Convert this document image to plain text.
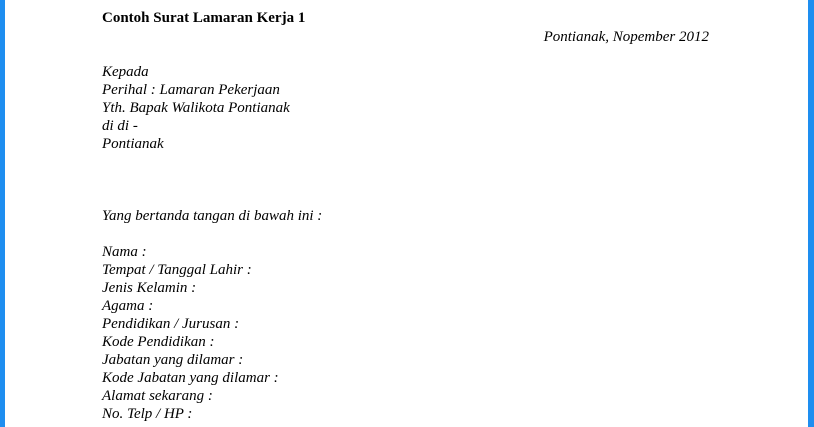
Contoh Surat Lamaran Kerja 1
Pontianak, Nopember 2012
Kepada
Perihal : Lamaran Pekerjaan
Yth. Bapak Walikota Pontianak
di di -
Pontianak
Yang bertanda tangan di bawah ini :
Nama :
Tempat / Tanggal Lahir :
Jenis Kelamin :
Agama :
Pendidikan / Jurusan :
Kode Pendidikan :
Jabatan yang dilamar :
Kode Jabatan yang dilamar :
Alamat sekarang :
No. Telp / HP :
